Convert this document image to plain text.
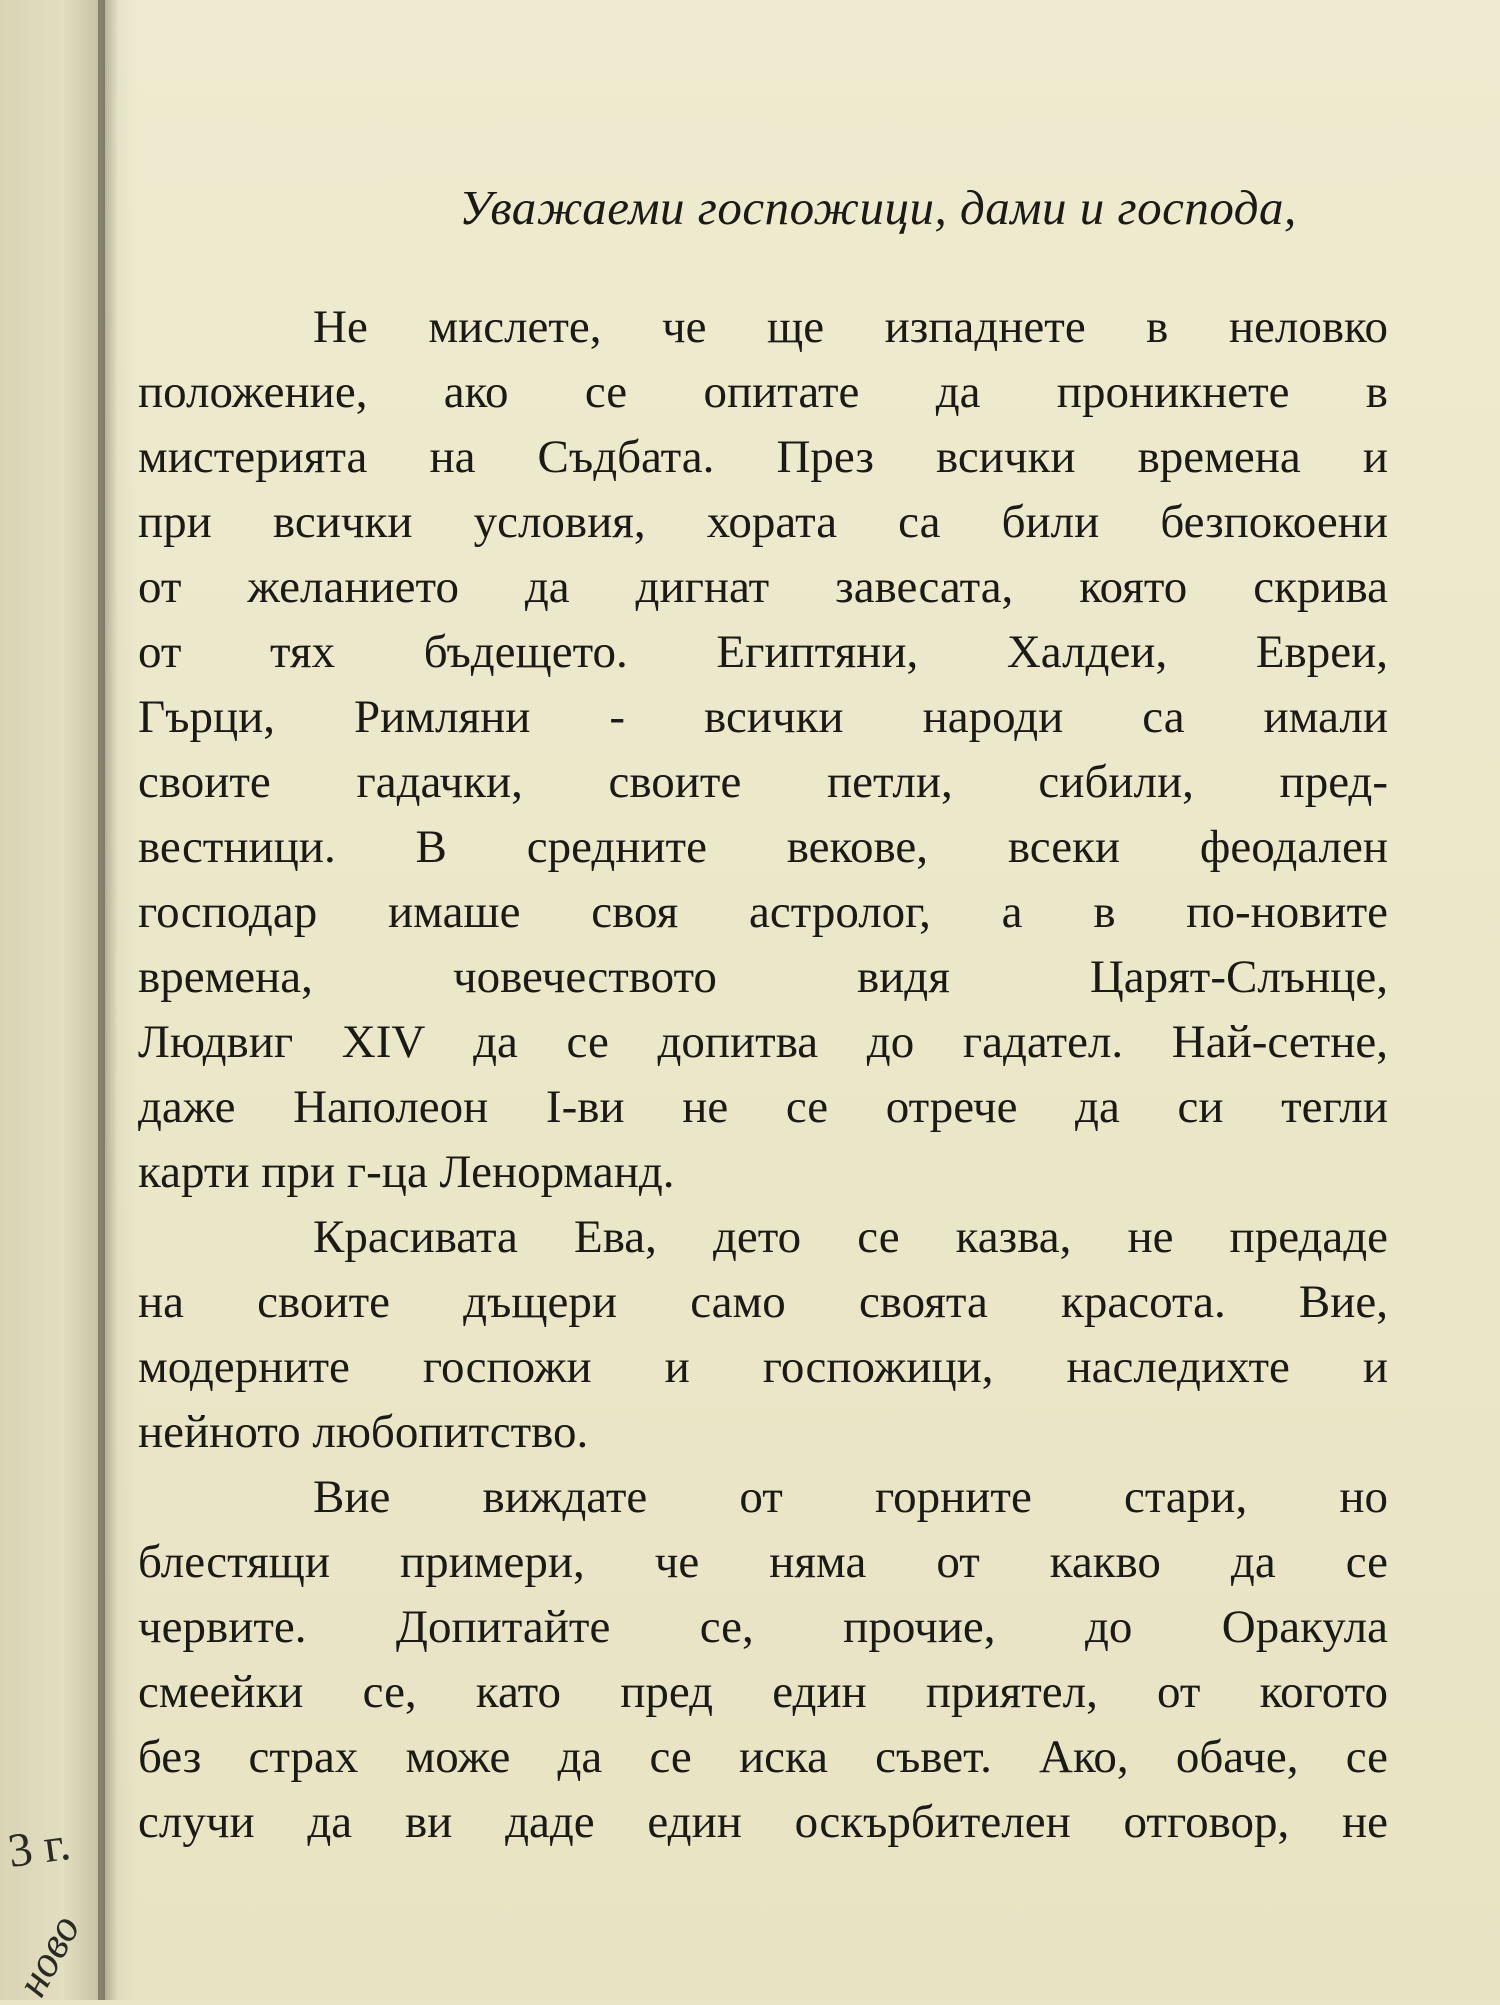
3 г.
ново
Уважаеми госпожици, дами и господа,
Не мислете, че ще изпаднете в неловко
положение, ако се опитате да проникнете в
мистерията на Съдбата. През всички времена и
при всички условия, хората са били безпокоени
от желанието да дигнат завесата, която скрива
от тях бъдещето. Египтяни, Халдеи, Евреи,
Гърци, Римляни - всички народи са имали
своите гадачки, своите петли, сибили, пред-
вестници. В средните векове, всеки феодален
господар имаше своя астролог, а в по-новите
времена, човечеството видя Царят-Слънце,
Людвиг XIV да се допитва до гадател. Най-сетне,
даже Наполеон I-ви не се отрече да си тегли
карти при г-ца Ленорманд.
Красивата Ева, дето се казва, не предаде
на своите дъщери само своята красота. Вие,
модерните госпожи и госпожици, наследихте и
нейното любопитство.
Вие виждате от горните стари, но
блестящи примери, че няма от какво да се
червите. Допитайте се, прочие, до Оракула
смеейки се, като пред един приятел, от когото
без страх може да се иска съвет. Ако, обаче, се
случи да ви даде един оскърбителен отговор, не
